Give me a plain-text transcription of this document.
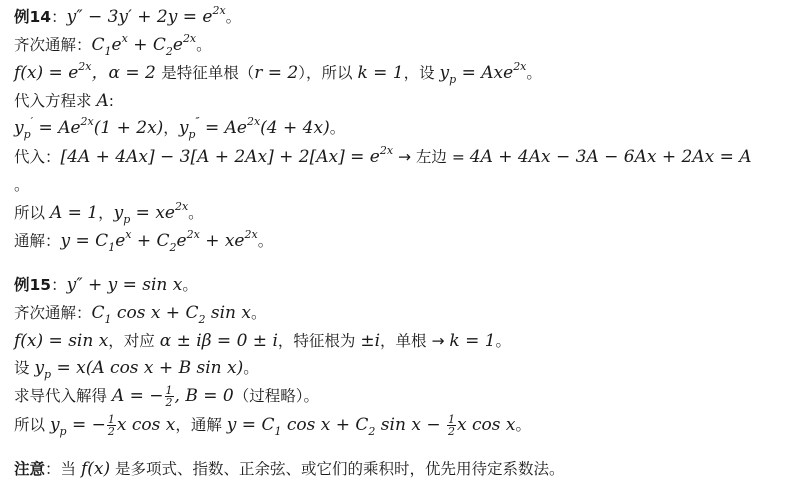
例14：$y'' - 3y' + 2y = e^{2x}$。
齐次通解：$C_1e^x + C_2e^{2x}$。
$f(x) = e^{2x}$，α = 2 是特征单根（r = 2），所以 k = 1，设 $y_p = Axe^{2x}$。
代入方程求 A:
$y_p' = Ae^{2x}(1 + 2x)$，$y_p'' = Ae^{2x}(4 + 4x)$。
代入：$[4A + 4Ax] - 3[A + 2Ax] + 2[Ax] = e^{2x}$ → 左边 = 4A + 4Ax − 3A − 6Ax + 2Ax = A
。
所以 A = 1，$y_p = xe^{2x}$。
通解：$y = C_1e^x + C_2e^{2x} + xe^{2x}$。
例15：y″ + y = sin x。
齐次通解：$C_1$ $\cos x + C_2$ sin x。
f(x) = sin x，对应 α ± iβ = 0 ± i，特征根为 ±i，单根 → k = 1。
设 $y_p = x(A$ cos x + B sin x)。
求导代入解得 A = − $\frac{1}{2}$ , B = 0（过程略）。
所以 $y_p$ = − $\frac{1}{2}$ x cos x，通解 $y = C_1$ $\cos x + C_2$ $\sin x - \frac{1}{2}$ x cos x。
注意：当 f(x) 是多项式、指数、正余弦、或它们的乘积时，优先用待定系数法。
